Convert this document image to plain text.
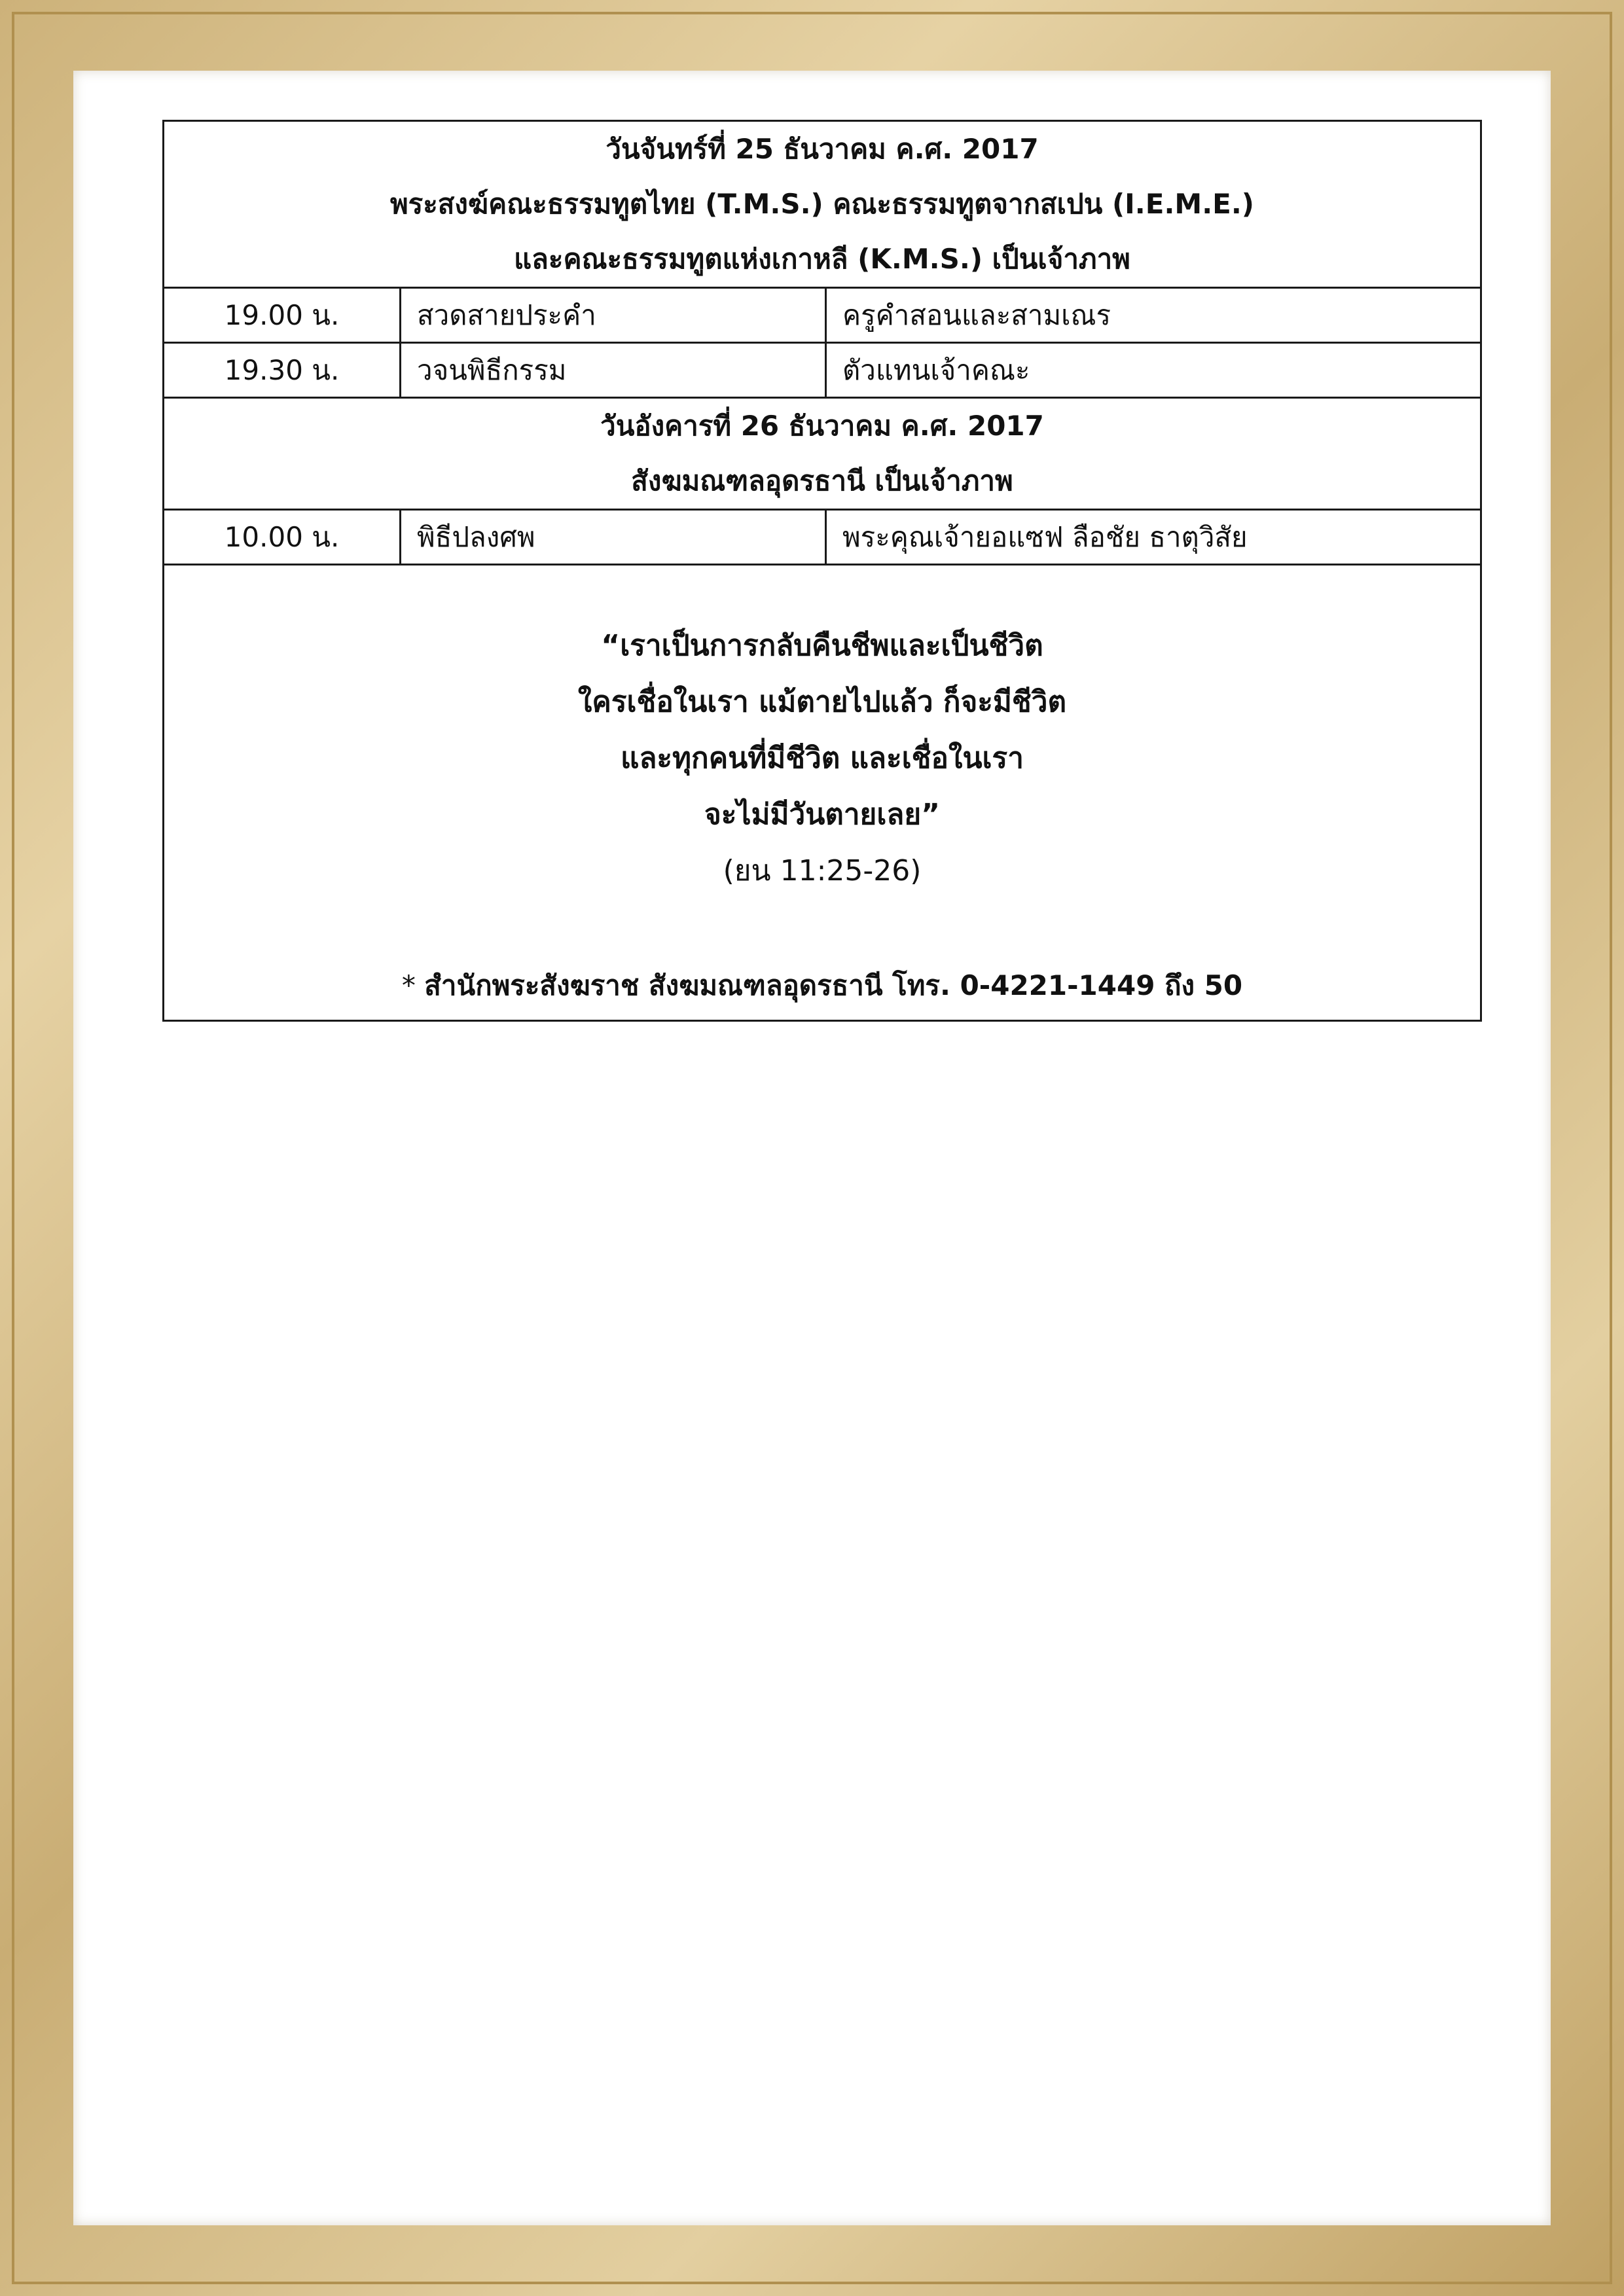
วันจันทร์ที่ 25 ธันวาคม ค.ศ. 2017
พระสงฆ์คณะธรรมทูตไทย (T.M.S.) คณะธรรมทูตจากสเปน (I.E.M.E.)
และคณะธรรมทูตแห่งเกาหลี (K.M.S.) เป็นเจ้าภาพ
19.00 น.	สวดสายประคำ	ครูคำสอนและสามเณร
19.30 น.	วจนพิธีกรรม	ตัวแทนเจ้าคณะ
วันอังคารที่ 26 ธันวาคม ค.ศ. 2017
สังฆมณฑลอุดรธานี เป็นเจ้าภาพ
10.00 น.	พิธีปลงศพ	พระคุณเจ้ายอแซฟ ลือชัย ธาตุวิสัย
“เราเป็นการกลับคืนชีพและเป็นชีวิต
ใครเชื่อในเรา แม้ตายไปแล้ว ก็จะมีชีวิต
และทุกคนที่มีชีวิต และเชื่อในเรา
จะไม่มีวันตายเลย”
(ยน 11:25-26)
* สำนักพระสังฆราช สังฆมณฑลอุดรธานี โทร. 0-4221-1449 ถึง 50
